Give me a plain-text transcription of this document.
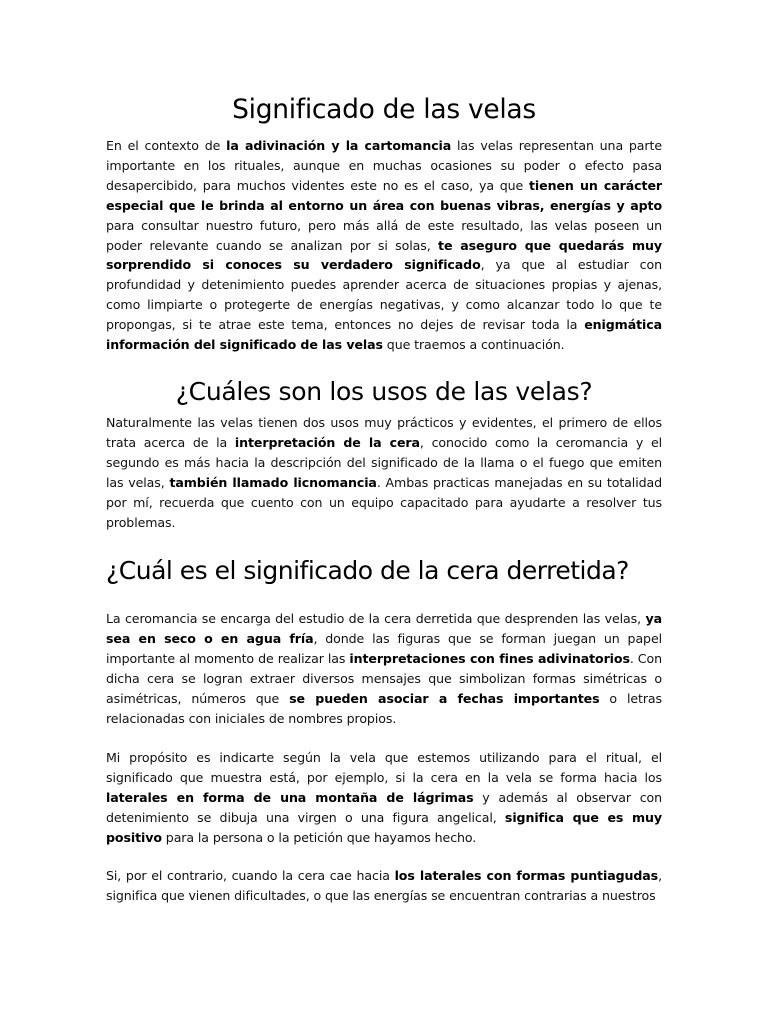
Significado de las velas

En el contexto de la adivinación y la cartomancia las velas representan una parte importante en los rituales, aunque en muchas ocasiones su poder o efecto pasa desapercibido, para muchos videntes este no es el caso, ya que tienen un carácter especial que le brinda al entorno un área con buenas vibras, energías y apto para consultar nuestro futuro, pero más allá de este resultado, las velas poseen un poder relevante cuando se analizan por si solas, te aseguro que quedarás muy sorprendido si conoces su verdadero significado, ya que al estudiar con profundidad y detenimiento puedes aprender acerca de situaciones propias y ajenas, como limpiarte o protegerte de energías negativas, y como alcanzar todo lo que te propongas, si te atrae este tema, entonces no dejes de revisar toda la enigmática información del significado de las velas que traemos a continuación.

¿Cuáles son los usos de las velas?

Naturalmente las velas tienen dos usos muy prácticos y evidentes, el primero de ellos trata acerca de la interpretación de la cera, conocido como la ceromancia y el segundo es más hacia la descripción del significado de la llama o el fuego que emiten las velas, también llamado licnomancia. Ambas practicas manejadas en su totalidad por mí, recuerda que cuento con un equipo capacitado para ayudarte a resolver tus problemas.

¿Cuál es el significado de la cera derretida?

La ceromancia se encarga del estudio de la cera derretida que desprenden las velas, ya sea en seco o en agua fría, donde las figuras que se forman juegan un papel importante al momento de realizar las interpretaciones con fines adivinatorios. Con dicha cera se logran extraer diversos mensajes que simbolizan formas simétricas o asimétricas, números que se pueden asociar a fechas importantes o letras relacionadas con iniciales de nombres propios.

Mi propósito es indicarte según la vela que estemos utilizando para el ritual, el significado que muestra está, por ejemplo, si la cera en la vela se forma hacia los laterales en forma de una montaña de lágrimas y además al observar con detenimiento se dibuja una virgen o una figura angelical, significa que es muy positivo para la persona o la petición que hayamos hecho.

Si, por el contrario, cuando la cera cae hacia los laterales con formas puntiagudas, significa que vienen dificultades, o que las energías se encuentran contrarias a nuestros
